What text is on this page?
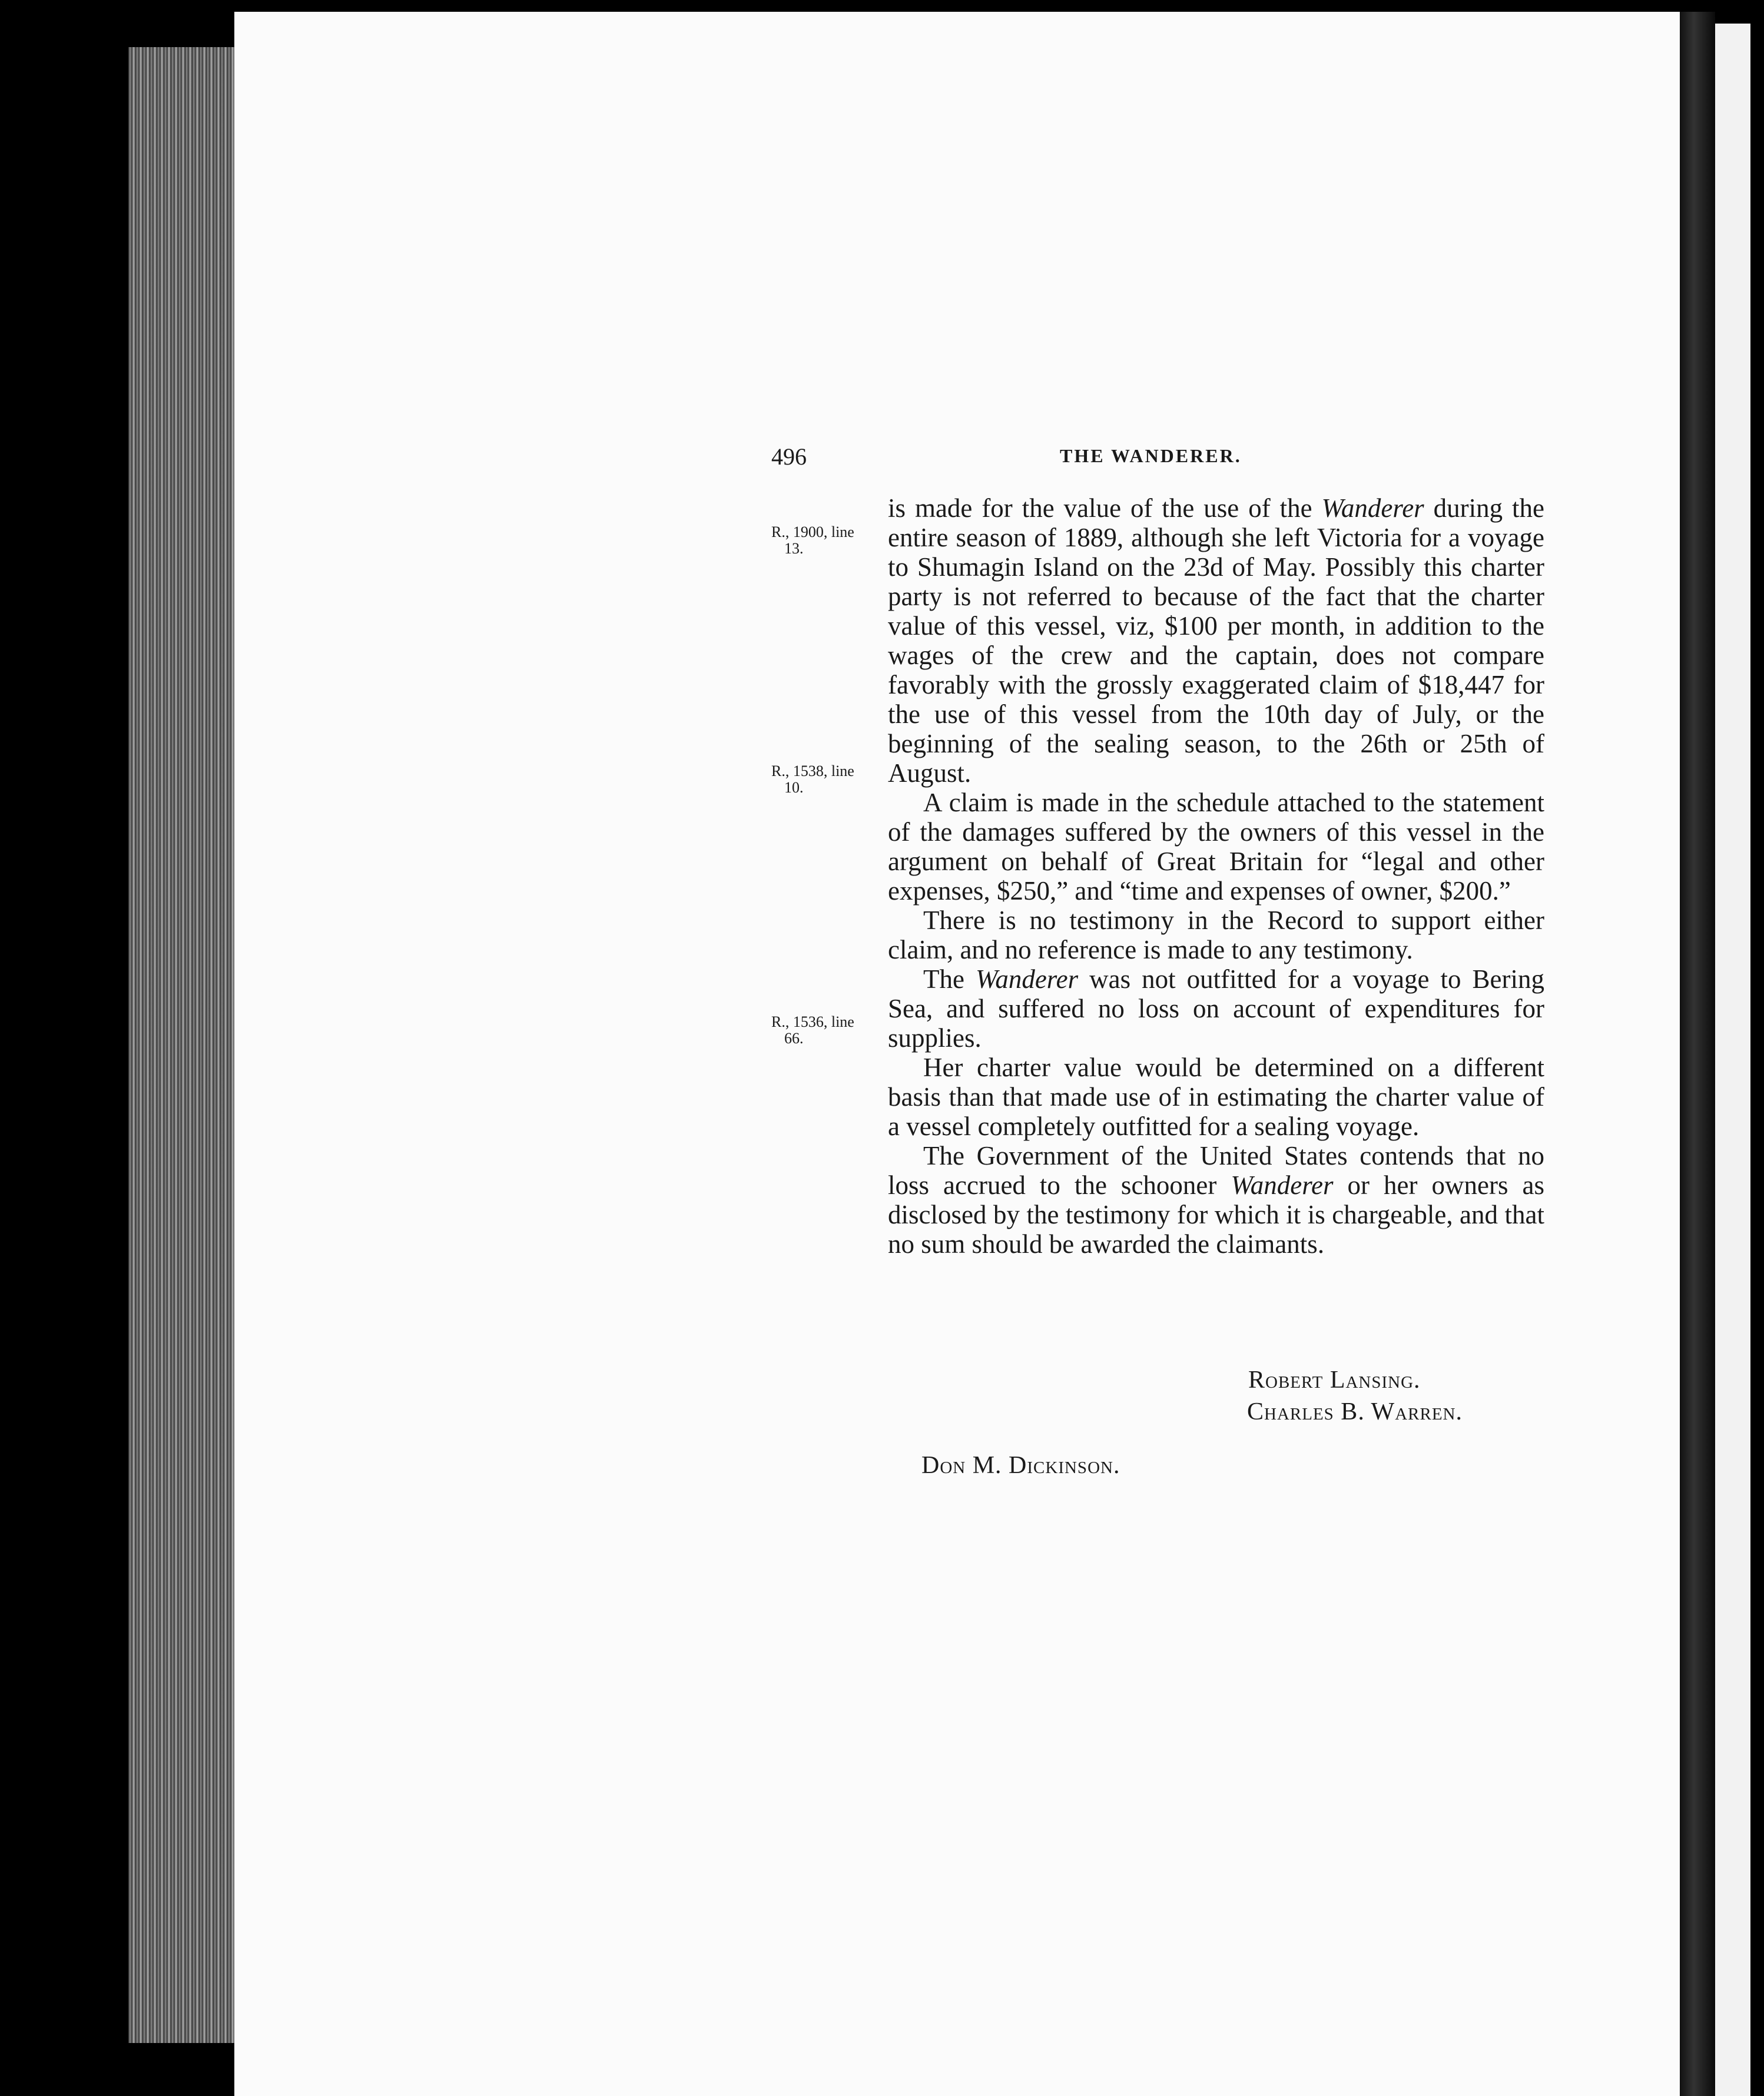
496	THE WANDERER.
R., 1900, line
13.
R., 1538, line
10.
R., 1536, line
66.

is made for the value of the use of the Wanderer during the entire season of 1889, although she left Victoria for a voyage to Shumagin Island on the 23d of May. Possibly this charter party is not referred to because of the fact that the charter value of this vessel, viz, $100 per month, in addition to the wages of the crew and the captain, does not compare favorably with the grossly exaggerated claim of $18,447 for the use of this vessel from the 10th day of July, or the beginning of the sealing season, to the 26th or 25th of August.

A claim is made in the schedule attached to the statement of the damages suffered by the owners of this vessel in the argument on behalf of Great Britain for “legal and other expenses, $250,” and “time and expenses of owner, $200.”

There is no testimony in the Record to support either claim, and no reference is made to any testimony.

The Wanderer was not outfitted for a voyage to Bering Sea, and suffered no loss on account of expenditures for supplies.

Her charter value would be determined on a different basis than that made use of in estimating the charter value of a vessel completely outfitted for a sealing voyage.

The Government of the United States contends that no loss accrued to the schooner Wanderer or her owners as disclosed by the testimony for which it is chargeable, and that no sum should be awarded the claimants.

Robert Lansing.
Charles B. Warren.
Don M. Dickinson.
